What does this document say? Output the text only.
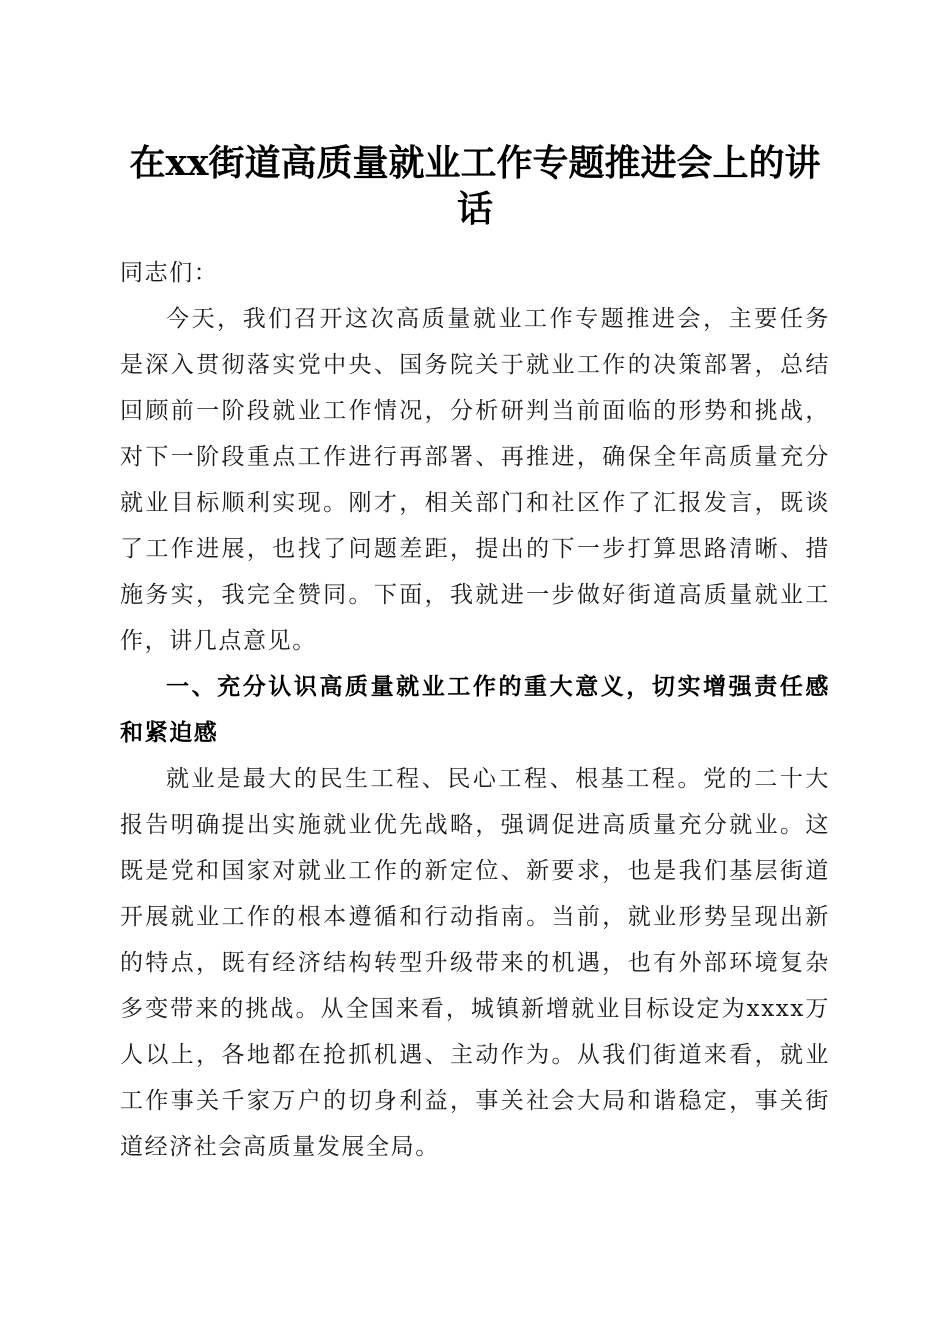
在xx街道高质量就业工作专题推进会上的讲话

同志们：

今天，我们召开这次高质量就业工作专题推进会，主要任务是深入贯彻落实党中央、国务院关于就业工作的决策部署，总结回顾前一阶段就业工作情况，分析研判当前面临的形势和挑战，对下一阶段重点工作进行再部署、再推进，确保全年高质量充分就业目标顺利实现。刚才，相关部门和社区作了汇报发言，既谈了工作进展，也找了问题差距，提出的下一步打算思路清晰、措施务实，我完全赞同。下面，我就进一步做好街道高质量就业工作，讲几点意见。

一、充分认识高质量就业工作的重大意义，切实增强责任感和紧迫感

就业是最大的民生工程、民心工程、根基工程。党的二十大报告明确提出实施就业优先战略，强调促进高质量充分就业。这既是党和国家对就业工作的新定位、新要求，也是我们基层街道开展就业工作的根本遵循和行动指南。当前，就业形势呈现出新的特点，既有经济结构转型升级带来的机遇，也有外部环境复杂多变带来的挑战。从全国来看，城镇新增就业目标设定为xxxx万人以上，各地都在抢抓机遇、主动作为。从我们街道来看，就业工作事关千家万户的切身利益，事关社会大局和谐稳定，事关街道经济社会高质量发展全局。
